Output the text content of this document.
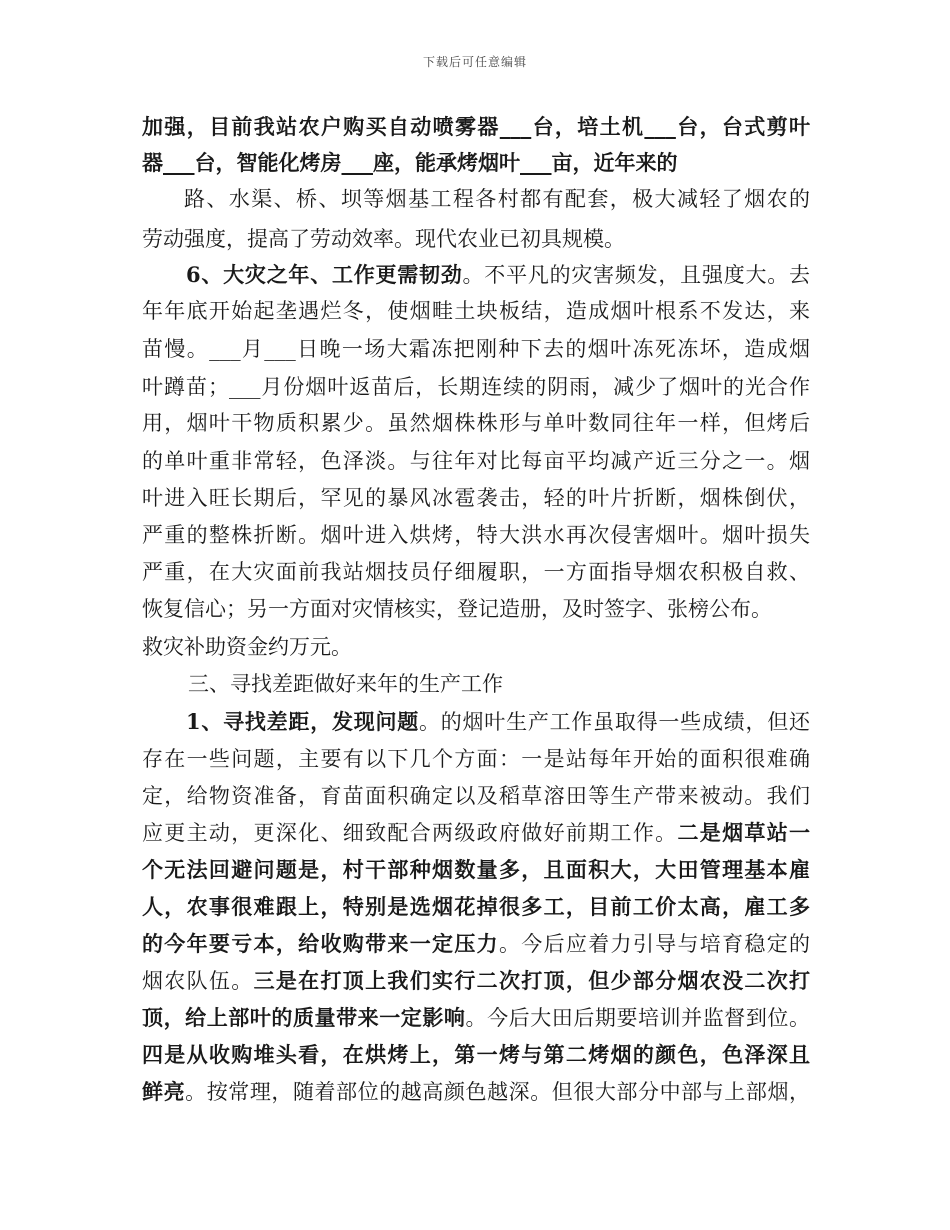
下载后可任意编辑
加强，目前我站农户购买自动喷雾器___台，培土机___台，台式剪叶
器___台，智能化烤房___座，能承烤烟叶___亩，近年来的
路、水渠、桥、坝等烟基工程各村都有配套，极大减轻了烟农的
劳动强度，提高了劳动效率。现代农业已初具规模。
6、大灾之年、工作更需韧劲。不平凡的灾害频发，且强度大。去
年年底开始起垄遇烂冬，使烟畦土块板结，造成烟叶根系不发达，来
苗慢。___月___日晚一场大霜冻把刚种下去的烟叶冻死冻坏，造成烟
叶蹲苗；___月份烟叶返苗后，长期连续的阴雨，减少了烟叶的光合作
用，烟叶干物质积累少。虽然烟株株形与单叶数同往年一样，但烤后
的单叶重非常轻，色泽淡。与往年对比每亩平均减产近三分之一。烟
叶进入旺长期后，罕见的暴风冰雹袭击，轻的叶片折断，烟株倒伏，
严重的整株折断。烟叶进入烘烤，特大洪水再次侵害烟叶。烟叶损失
严重，在大灾面前我站烟技员仔细履职，一方面指导烟农积极自救、
恢复信心；另一方面对灾情核实，登记造册，及时签字、张榜公布。
救灾补助资金约万元。
三、寻找差距做好来年的生产工作
1、寻找差距，发现问题。的烟叶生产工作虽取得一些成绩，但还
存在一些问题，主要有以下几个方面：一是站每年开始的面积很难确
定，给物资准备，育苗面积确定以及稻草溶田等生产带来被动。我们
应更主动，更深化、细致配合两级政府做好前期工作。二是烟草站一
个无法回避问题是，村干部种烟数量多，且面积大，大田管理基本雇
人，农事很难跟上，特别是选烟花掉很多工，目前工价太高，雇工多
的今年要亏本，给收购带来一定压力。今后应着力引导与培育稳定的
烟农队伍。三是在打顶上我们实行二次打顶，但少部分烟农没二次打
顶，给上部叶的质量带来一定影响。今后大田后期要培训并监督到位。
四是从收购堆头看，在烘烤上，第一烤与第二烤烟的颜色，色泽深且
鲜亮。按常理，随着部位的越高颜色越深。但很大部分中部与上部烟，
